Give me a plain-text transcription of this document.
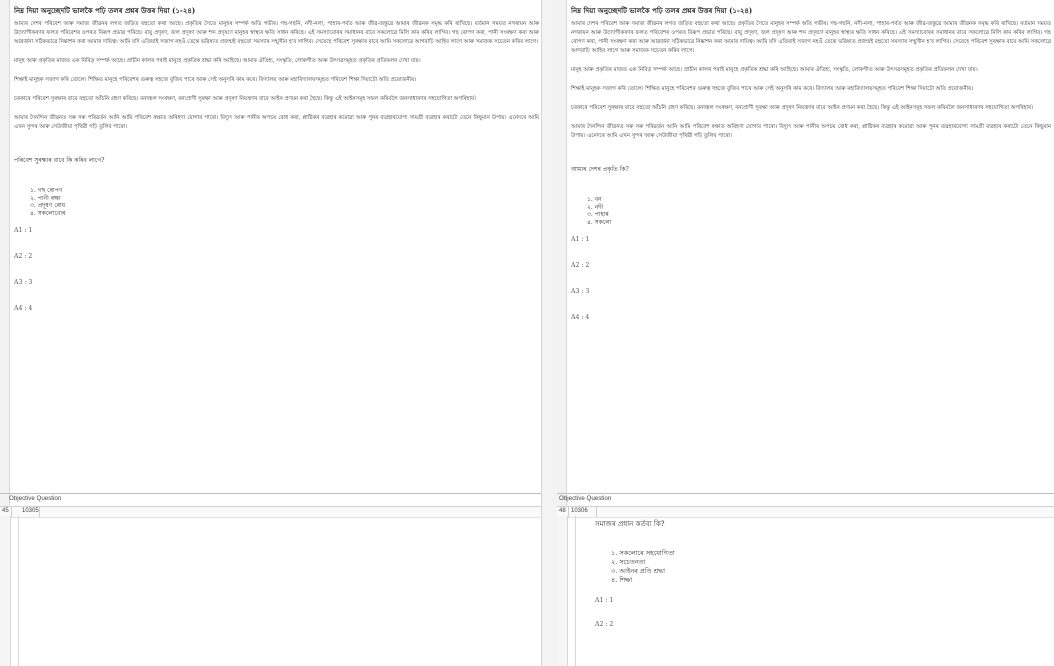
নিম্ন দিয়া অনুচ্ছেদটি ভালকৈ পঢ়ি তলৰ প্ৰশ্নৰ উত্তৰ দিয়া (১-২৪)

আমাৰ দেশৰ পৰিবেশ আৰু সমাজ জীৱনৰ লগত জড়িত বহুতো কথা আছে। প্ৰকৃতিৰ সৈতে মানুহৰ সম্পৰ্ক অতি গভীৰ। গছ-গছনি, নদী-নলা, পাহাৰ-পৰ্বত আৰু জীৱ-জন্তুৱে আমাৰ জীৱনক সমৃদ্ধ কৰি ৰাখিছে। বৰ্তমান সময়ত নগৰায়ন আৰু উদ্যোগীকৰণৰ ফলত পৰিবেশৰ ওপৰত বিৰূপ প্ৰভাৱ পৰিছে। বায়ু প্ৰদূষণ, জল প্ৰদূষণ আৰু শব্দ প্ৰদূষণে মানুহৰ স্বাস্থ্যৰ ক্ষতি সাধন কৰিছে। এই সমস্যাবোৰৰ সমাধানৰ বাবে সকলোৱে মিলি কাম কৰিব লাগিব। গছ ৰোপণ কৰা, পানী সংৰক্ষণ কৰা আৰু আৱৰ্জনা সঠিকভাৱে নিষ্কাশন কৰা আমাৰ দায়িত্ব। আমি যদি এতিয়াই সজাগ নহওঁ তেন্তে ভৱিষ্যত প্ৰজন্মই বহুতো সমস্যাৰ সন্মুখীন হ'ব লাগিব। সেয়েহে পৰিবেশ সুৰক্ষাৰ বাবে আমি সকলোৱে আগবাঢ়ি আহিব লাগে আৰু সমাজক সচেতন কৰিব লাগে।

মানুহ আৰু প্ৰকৃতিৰ মাজত এক নিবিড় সম্পৰ্ক আছে। প্ৰাচীন কালৰ পৰাই মানুহে প্ৰকৃতিক শ্ৰদ্ধা কৰি আহিছে। আমাৰ ঐতিহ্য, সংস্কৃতি, লোকগীত আৰু উৎসৱসমূহত প্ৰকৃতিৰ প্ৰতিফলন দেখা যায়।

শিক্ষাই মানুহক সজাগ কৰি তোলে। শিক্ষিত মানুহে পৰিবেশৰ গুৰুত্ব সহজে বুজিব পাৰে আৰু সেই অনুসৰি কাম কৰে। বিদ্যালয় আৰু মহাবিদ্যালয়সমূহত পৰিবেশ শিক্ষা দিয়াটো অতি প্ৰয়োজনীয়।

চৰকাৰে পৰিবেশ সুৰক্ষাৰ বাবে বহুতো আঁচনি গ্ৰহণ কৰিছে। বনাঞ্চল সংৰক্ষণ, বন্যপ্ৰাণী সুৰক্ষা আৰু প্ৰদূষণ নিয়ন্ত্ৰণৰ বাবে আইন প্ৰণয়ন কৰা হৈছে। কিন্তু এই আইনসমূহ সফল কৰিবলৈ জনসাধাৰণৰ সহযোগিতা অপৰিহাৰ্য।

আমাৰ দৈনন্দিন জীৱনত সৰু সৰু পৰিৱৰ্তন আনি আমি পৰিবেশ ৰক্ষাত অৰিহণা যোগাব পাৰো। বিদ্যুৎ আৰু পানীৰ অপচয় ৰোধ কৰা, প্লাষ্টিকৰ ব্যৱহাৰ কমোৱা আৰু পুনৰ ব্যৱহাৰযোগ্য সামগ্ৰী ব্যৱহাৰ কৰাটো তেনে কিছুমান উপায়। এনেদৰে আমি এখন সুন্দৰ আৰু সেউজীয়া পৃথিৱী গঢ়ি তুলিব পাৰো।

পৰিবেশ সুৰক্ষাৰ বাবে কি কৰিব লাগে?

১. গছ ৰোপণ
২. পানী ৰক্ষা
৩. প্ৰদূষণ ৰোধ
৪. সকলোবোৰ
A1 : 1
A2 : 2
A3 : 3
A4 : 4
Objective Question
45 10305
নিম্ন দিয়া অনুচ্ছেদটি ভালকৈ পঢ়ি তলৰ প্ৰশ্নৰ উত্তৰ দিয়া (১-২৪)

আমাৰ দেশৰ পৰিবেশ আৰু সমাজ জীৱনৰ লগত জড়িত বহুতো কথা আছে। প্ৰকৃতিৰ সৈতে মানুহৰ সম্পৰ্ক অতি গভীৰ। গছ-গছনি, নদী-নলা, পাহাৰ-পৰ্বত আৰু জীৱ-জন্তুৱে আমাৰ জীৱনক সমৃদ্ধ কৰি ৰাখিছে। বৰ্তমান সময়ত নগৰায়ন আৰু উদ্যোগীকৰণৰ ফলত পৰিবেশৰ ওপৰত বিৰূপ প্ৰভাৱ পৰিছে। বায়ু প্ৰদূষণ, জল প্ৰদূষণ আৰু শব্দ প্ৰদূষণে মানুহৰ স্বাস্থ্যৰ ক্ষতি সাধন কৰিছে। এই সমস্যাবোৰৰ সমাধানৰ বাবে সকলোৱে মিলি কাম কৰিব লাগিব। গছ ৰোপণ কৰা, পানী সংৰক্ষণ কৰা আৰু আৱৰ্জনা সঠিকভাৱে নিষ্কাশন কৰা আমাৰ দায়িত্ব। আমি যদি এতিয়াই সজাগ নহওঁ তেন্তে ভৱিষ্যত প্ৰজন্মই বহুতো সমস্যাৰ সন্মুখীন হ'ব লাগিব। সেয়েহে পৰিবেশ সুৰক্ষাৰ বাবে আমি সকলোৱে আগবাঢ়ি আহিব লাগে আৰু সমাজক সচেতন কৰিব লাগে।

মানুহ আৰু প্ৰকৃতিৰ মাজত এক নিবিড় সম্পৰ্ক আছে। প্ৰাচীন কালৰ পৰাই মানুহে প্ৰকৃতিক শ্ৰদ্ধা কৰি আহিছে। আমাৰ ঐতিহ্য, সংস্কৃতি, লোকগীত আৰু উৎসৱসমূহত প্ৰকৃতিৰ প্ৰতিফলন দেখা যায়।

শিক্ষাই মানুহক সজাগ কৰি তোলে। শিক্ষিত মানুহে পৰিবেশৰ গুৰুত্ব সহজে বুজিব পাৰে আৰু সেই অনুসৰি কাম কৰে। বিদ্যালয় আৰু মহাবিদ্যালয়সমূহত পৰিবেশ শিক্ষা দিয়াটো অতি প্ৰয়োজনীয়।

চৰকাৰে পৰিবেশ সুৰক্ষাৰ বাবে বহুতো আঁচনি গ্ৰহণ কৰিছে। বনাঞ্চল সংৰক্ষণ, বন্যপ্ৰাণী সুৰক্ষা আৰু প্ৰদূষণ নিয়ন্ত্ৰণৰ বাবে আইন প্ৰণয়ন কৰা হৈছে। কিন্তু এই আইনসমূহ সফল কৰিবলৈ জনসাধাৰণৰ সহযোগিতা অপৰিহাৰ্য।

আমাৰ দৈনন্দিন জীৱনত সৰু সৰু পৰিৱৰ্তন আনি আমি পৰিবেশ ৰক্ষাত অৰিহণা যোগাব পাৰো। বিদ্যুৎ আৰু পানীৰ অপচয় ৰোধ কৰা, প্লাষ্টিকৰ ব্যৱহাৰ কমোৱা আৰু পুনৰ ব্যৱহাৰযোগ্য সামগ্ৰী ব্যৱহাৰ কৰাটো তেনে কিছুমান উপায়। এনেদৰে আমি এখন সুন্দৰ আৰু সেউজীয়া পৃথিৱী গঢ়ি তুলিব পাৰো।

আমাৰ দেশৰ প্ৰকৃতি কি?

১. বন
২. নদী
৩. পাহাৰ
৪. সকলো
A1 : 1
A2 : 2
A3 : 3
A4 : 4
Objective Question
48 10306

সমাজৰ প্ৰধান কৰ্তব্য কি?

১. সকলোৰে সহযোগিতা
২. সচেতনতা
৩. আইনৰ প্ৰতি শ্ৰদ্ধা
৪. শিক্ষা
A1 : 1
A2 : 2
